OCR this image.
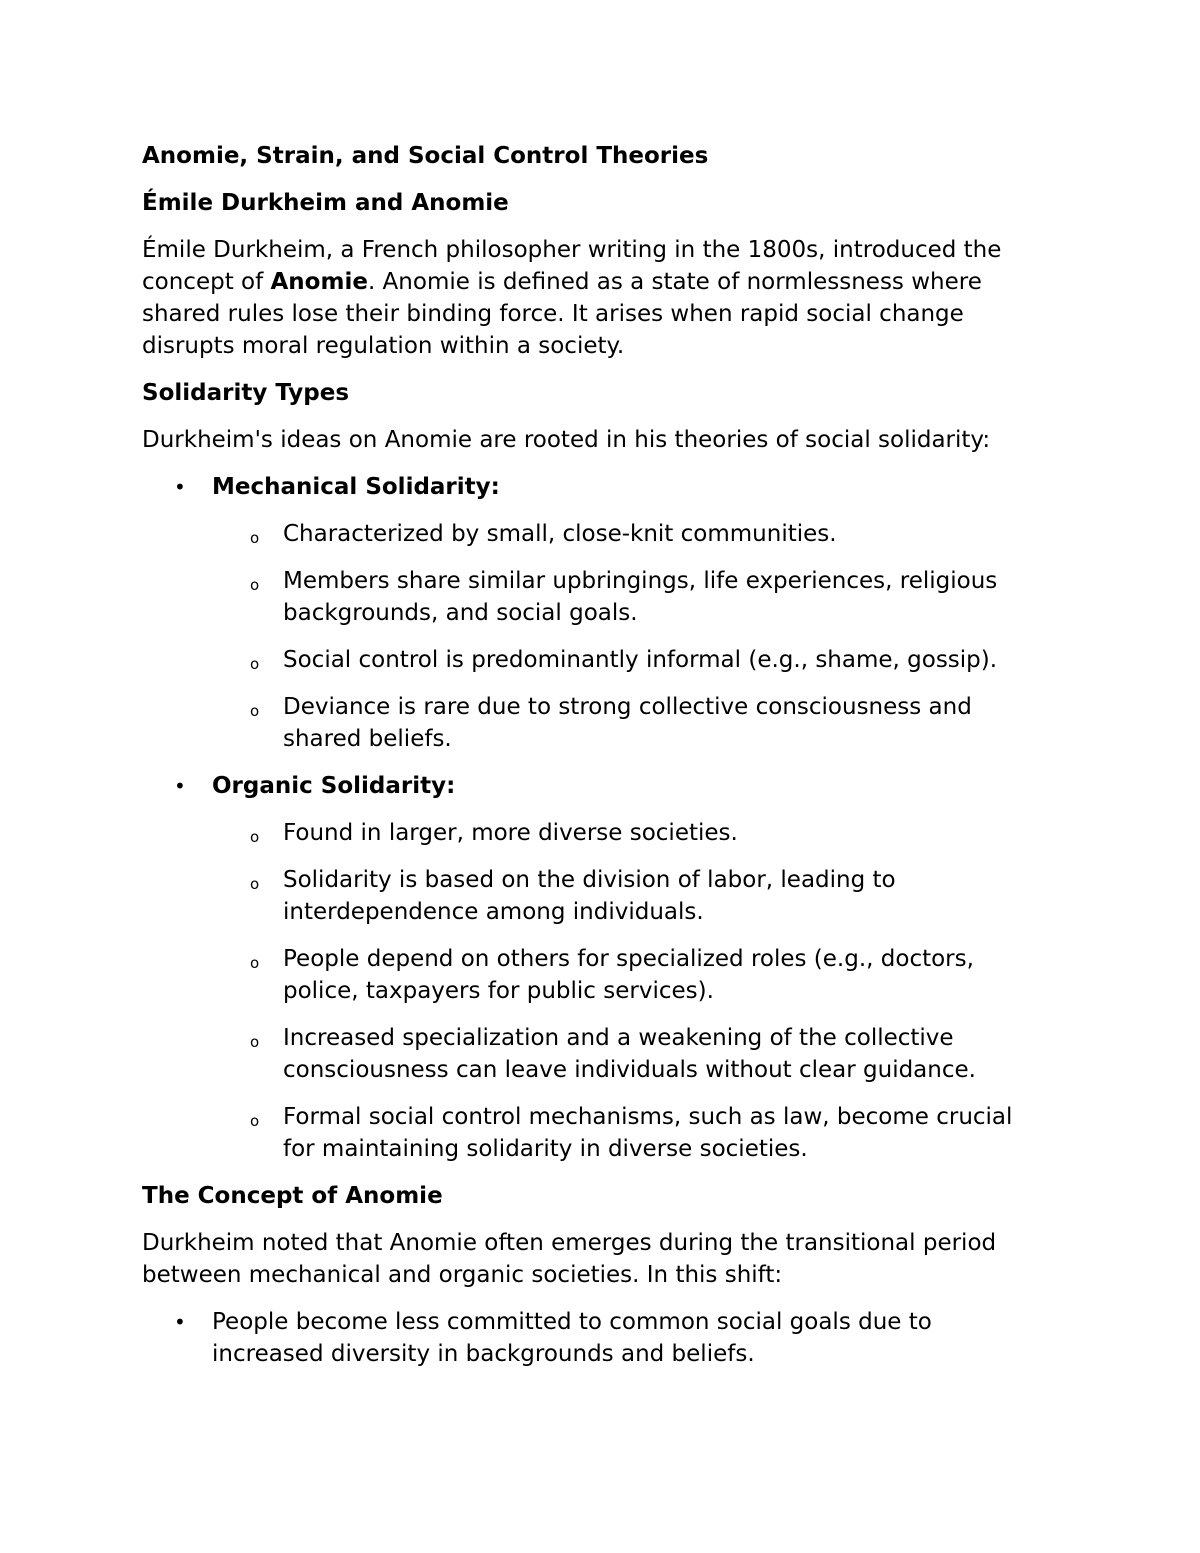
Anomie, Strain, and Social Control Theories
Émile Durkheim and Anomie

Émile Durkheim, a French philosopher writing in the 1800s, introduced the concept of Anomie. Anomie is defined as a state of normlessness where shared rules lose their binding force. It arises when rapid social change disrupts moral regulation within a society.

Solidarity Types

Durkheim's ideas on Anomie are rooted in his theories of social solidarity:

• Mechanical Solidarity:
o Characterized by small, close-knit communities.
o Members share similar upbringings, life experiences, religious backgrounds, and social goals.
o Social control is predominantly informal (e.g., shame, gossip).
o Deviance is rare due to strong collective consciousness and shared beliefs.
• Organic Solidarity:
o Found in larger, more diverse societies.
o Solidarity is based on the division of labor, leading to interdependence among individuals.
o People depend on others for specialized roles (e.g., doctors, police, taxpayers for public services).
o Increased specialization and a weakening of the collective consciousness can leave individuals without clear guidance.
o Formal social control mechanisms, such as law, become crucial for maintaining solidarity in diverse societies.
The Concept of Anomie

Durkheim noted that Anomie often emerges during the transitional period between mechanical and organic societies. In this shift:

• People become less committed to common social goals due to increased diversity in backgrounds and beliefs.
